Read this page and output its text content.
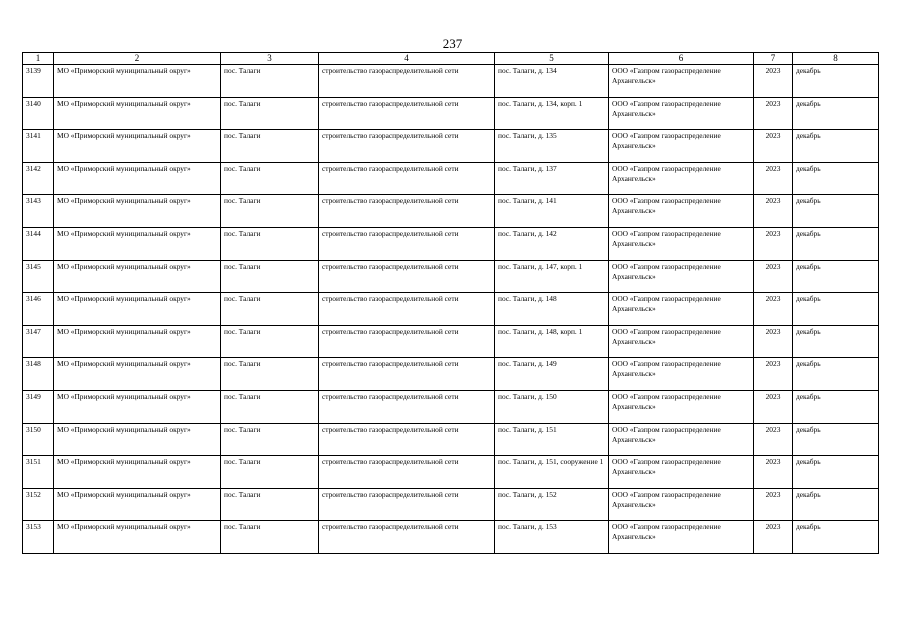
237
1	2	3	4	5	6	7	8
3139	МО «Приморский муниципальный округ»	пос. Талаги	строительство газораспределительной сети	пос. Талаги, д. 134	ООО «Газпром газораспределение Архангельск»	2023	декабрь
3140	МО «Приморский муниципальный округ»	пос. Талаги	строительство газораспределительной сети	пос. Талаги, д. 134, корп. 1	ООО «Газпром газораспределение Архангельск»	2023	декабрь
3141	МО «Приморский муниципальный округ»	пос. Талаги	строительство газораспределительной сети	пос. Талаги, д. 135	ООО «Газпром газораспределение Архангельск»	2023	декабрь
3142	МО «Приморский муниципальный округ»	пос. Талаги	строительство газораспределительной сети	пос. Талаги, д. 137	ООО «Газпром газораспределение Архангельск»	2023	декабрь
3143	МО «Приморский муниципальный округ»	пос. Талаги	строительство газораспределительной сети	пос. Талаги, д. 141	ООО «Газпром газораспределение Архангельск»	2023	декабрь
3144	МО «Приморский муниципальный округ»	пос. Талаги	строительство газораспределительной сети	пос. Талаги, д. 142	ООО «Газпром газораспределение Архангельск»	2023	декабрь
3145	МО «Приморский муниципальный округ»	пос. Талаги	строительство газораспределительной сети	пос. Талаги, д. 147, корп. 1	ООО «Газпром газораспределение Архангельск»	2023	декабрь
3146	МО «Приморский муниципальный округ»	пос. Талаги	строительство газораспределительной сети	пос. Талаги, д. 148	ООО «Газпром газораспределение Архангельск»	2023	декабрь
3147	МО «Приморский муниципальный округ»	пос. Талаги	строительство газораспределительной сети	пос. Талаги, д. 148, корп. 1	ООО «Газпром газораспределение Архангельск»	2023	декабрь
3148	МО «Приморский муниципальный округ»	пос. Талаги	строительство газораспределительной сети	пос. Талаги, д. 149	ООО «Газпром газораспределение Архангельск»	2023	декабрь
3149	МО «Приморский муниципальный округ»	пос. Талаги	строительство газораспределительной сети	пос. Талаги, д. 150	ООО «Газпром газораспределение Архангельск»	2023	декабрь
3150	МО «Приморский муниципальный округ»	пос. Талаги	строительство газораспределительной сети	пос. Талаги, д. 151	ООО «Газпром газораспределение Архангельск»	2023	декабрь
3151	МО «Приморский муниципальный округ»	пос. Талаги	строительство газораспределительной сети	пос. Талаги, д. 151, сооружение 1	ООО «Газпром газораспределение Архангельск»	2023	декабрь
3152	МО «Приморский муниципальный округ»	пос. Талаги	строительство газораспределительной сети	пос. Талаги, д. 152	ООО «Газпром газораспределение Архангельск»	2023	декабрь
3153	МО «Приморский муниципальный округ»	пос. Талаги	строительство газораспределительной сети	пос. Талаги, д. 153	ООО «Газпром газораспределение Архангельск»	2023	декабрь
